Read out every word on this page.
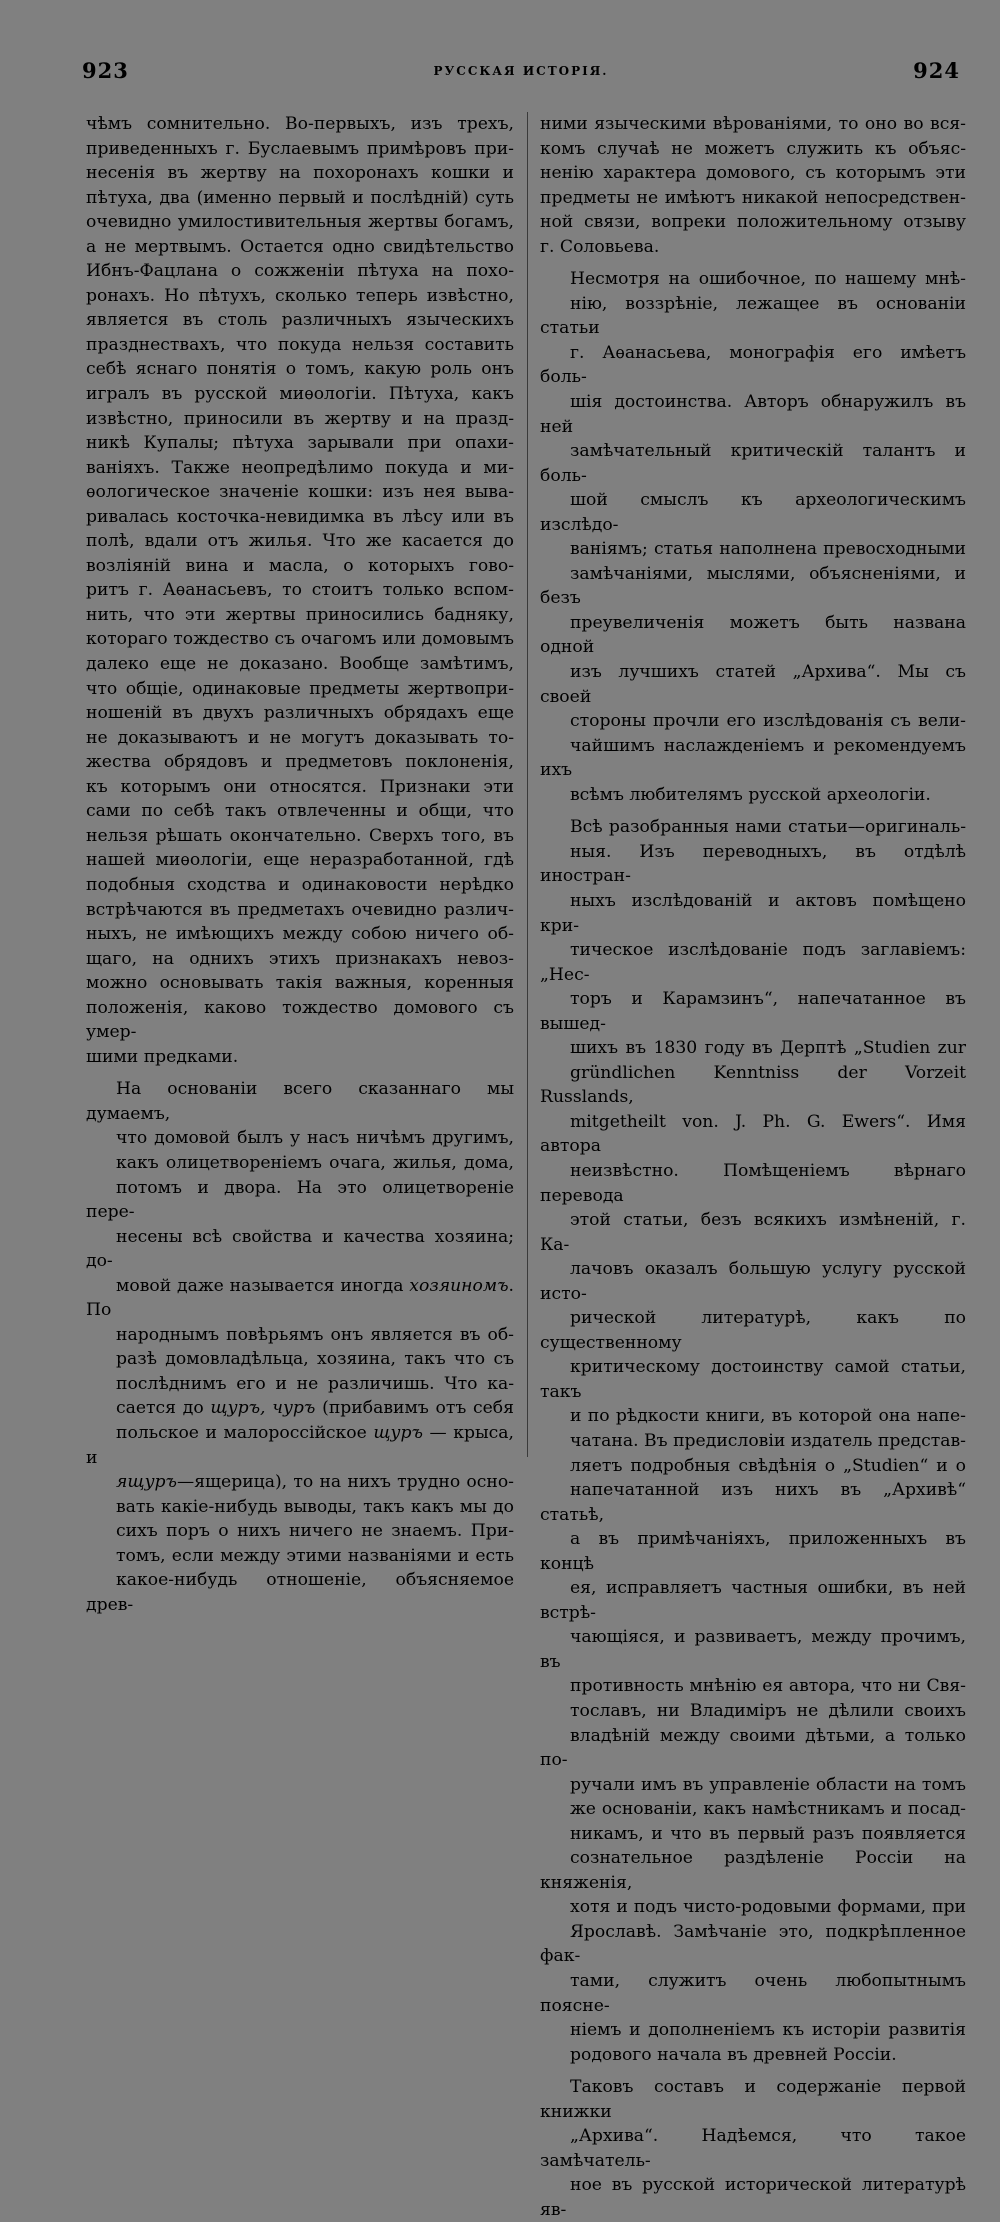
923	РУССКАЯ ИСТОРІЯ.	924

чѣмъ сомнительно. Во-первыхъ, изъ трехъ,
приведенныхъ г. Буслаевымъ примѣровъ при-
несенія въ жертву на похоронахъ кошки и
пѣтуха, два (именно первый и послѣдній) суть
очевидно умилостивительныя жертвы богамъ,
а не мертвымъ. Остается одно свидѣтельство
Ибнъ-Фацлана о сожженіи пѣтуха на похо-
ронахъ. Но пѣтухъ, сколько теперь извѣстно,
является въ столь различныхъ языческихъ
празднествахъ, что покуда нельзя составить
себѣ яснаго понятія о томъ, какую роль онъ
игралъ въ русской миѳологіи. Пѣтуха, какъ
извѣстно, приносили въ жертву и на празд-
никѣ Купалы; пѣтуха зарывали при опахи-
ваніяхъ. Также неопредѣлимо покуда и ми-
ѳологическое значеніе кошки: изъ нея выва-
ривалась косточка-невидимка въ лѣсу или въ
полѣ, вдали отъ жилья. Что же касается до
возліяній вина и масла, о которыхъ гово-
ритъ г. Аѳанасьевъ, то стоитъ только вспом-
нить, что эти жертвы приносились бадняку,
котораго тождество съ очагомъ или домовымъ
далеко еще не доказано. Вообще замѣтимъ,
что общіе, одинаковые предметы жертвопри-
ношеній въ двухъ различныхъ обрядахъ еще
не доказываютъ и не могутъ доказывать то-
жества обрядовъ и предметовъ поклоненія,
къ которымъ они относятся. Признаки эти
сами по себѣ такъ отвлеченны и общи, что
нельзя рѣшать окончательно. Сверхъ того, въ
нашей миѳологіи, еще неразработанной, гдѣ
подобныя сходства и одинаковости нерѣдко
встрѣчаются въ предметахъ очевидно различ-
ныхъ, не имѣющихъ между собою ничего об-
щаго, на однихъ этихъ признакахъ невоз-
можно основывать такія важныя, коренныя
положенія, каково тождество домового съ умер-
шими предками.

На основаніи всего сказаннаго мы думаемъ,
что домовой былъ у насъ ничѣмъ другимъ,
какъ олицетвореніемъ очага, жилья, дома,
потомъ и двора. На это олицетвореніе пере-
несены всѣ свойства и качества хозяина; до-
мовой даже называется иногда хозяиномъ. По
народнымъ повѣрьямъ онъ является въ об-
разѣ домовладѣльца, хозяина, такъ что съ
послѣднимъ его и не различишь. Что ка-
сается до щуръ, чуръ (прибавимъ отъ себя
польское и малороссійское щуръ — крыса, и
ящуръ—ящерица), то на нихъ трудно осно-
вать какіе-нибудь выводы, такъ какъ мы до
сихъ поръ о нихъ ничего не знаемъ. При-
томъ, если между этими названіями и есть
какое-нибудь отношеніе, объясняемое древ-

ними языческими вѣрованіями, то оно во вся-
комъ случаѣ не можетъ служить къ объяс-
ненію характера домового, съ которымъ эти
предметы не имѣютъ никакой непосредствен-
ной связи, вопреки положительному отзыву
г. Соловьева.

Несмотря на ошибочное, по нашему мнѣ-
нію, воззрѣніе, лежащее въ основаніи статьи
г. Аѳанасьева, монографія его имѣетъ боль-
шія достоинства. Авторъ обнаружилъ въ ней
замѣчательный критическій талантъ и боль-
шой смыслъ къ археологическимъ изслѣдо-
ваніямъ; статья наполнена превосходными
замѣчаніями, мыслями, объясненіями, и безъ
преувеличенія можетъ быть названа одной
изъ лучшихъ статей „Архива“. Мы съ своей
стороны прочли его изслѣдованія съ вели-
чайшимъ наслажденіемъ и рекомендуемъ ихъ
всѣмъ любителямъ русской археологіи.

Всѣ разобранныя нами статьи—оригиналь-
ныя. Изъ переводныхъ, въ отдѣлѣ иностран-
ныхъ изслѣдованій и актовъ помѣщено кри-
тическое изслѣдованіе подъ заглавіемъ: „Нес-
торъ и Карамзинъ“, напечатанное въ вышед-
шихъ въ 1830 году въ Дерптѣ „Studien zur
gründlichen Kenntniss der Vorzeit Russlands,
mitgetheilt von. J. Ph. G. Ewers“. Имя автора
неизвѣстно. Помѣщеніемъ вѣрнаго перевода
этой статьи, безъ всякихъ измѣненій, г. Ка-
лачовъ оказалъ большую услугу русской исто-
рической литературѣ, какъ по существенному
критическому достоинству самой статьи, такъ
и по рѣдкости книги, въ которой она напе-
чатана. Въ предисловіи издатель представ-
ляетъ подробныя свѣдѣнія о „Studien“ и о
напечатанной изъ нихъ въ „Архивѣ“ статьѣ,
а въ примѣчаніяхъ, приложенныхъ въ концѣ
ея, исправляетъ частныя ошибки, въ ней встрѣ-
чающіяся, и развиваетъ, между прочимъ, въ
противность мнѣнію ея автора, что ни Свя-
тославъ, ни Владиміръ не дѣлили своихъ
владѣній между своими дѣтьми, а только по-
ручали имъ въ управленіе области на томъ
же основаніи, какъ намѣстникамъ и посад-
никамъ, и что въ первый разъ появляется
сознательное раздѣленіе Россіи на княженія,
хотя и подъ чисто-родовыми формами, при
Ярославѣ. Замѣчаніе это, подкрѣпленное фак-
тами, служитъ очень любопытнымъ поясне-
ніемъ и дополненіемъ къ исторіи развитія
родового начала въ древней Россіи.

Таковъ составъ и содержаніе первой книжки
„Архива“. Надѣемся, что такое замѣчатель-
ное въ русской исторической литературѣ яв-
